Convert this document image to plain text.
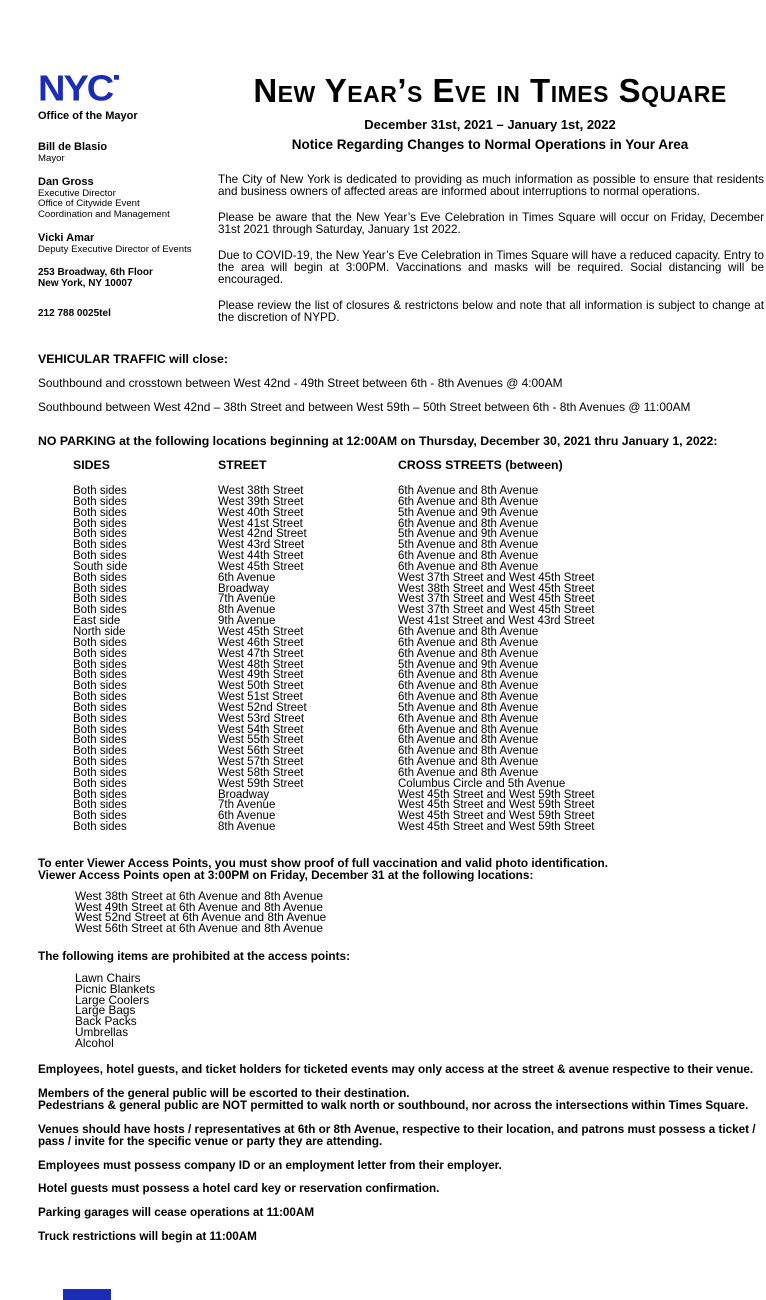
NYC
Office of the Mayor
Bill de Blasio
Mayor
Dan Gross
Executive Director
Office of Citywide Event
Coordination and Management
Vicki Amar
Deputy Executive Director of Events
253 Broadway, 6th Floor
New York, NY 10007
212 788 0025tel
New Year’s Eve in Times Square
December 31st, 2021 – January 1st, 2022
Notice Regarding Changes to Normal Operations in Your Area

The City of New York is dedicated to providing as much information as possible to ensure that residents and business owners of affected areas are informed about interruptions to normal operations.

Please be aware that the New Year’s Eve Celebration in Times Square will occur on Friday, December 31st 2021 through Saturday, January 1st 2022.

Due to COVID-19, the New Year’s Eve Celebration in Times Square will have a reduced capacity. Entry to the area will begin at 3:00PM. Vaccinations and masks will be required. Social distancing will be encouraged.

Please review the list of closures & restrictons below and note that all information is subject to change at the discretion of NYPD.

VEHICULAR TRAFFIC will close:
Southbound and crosstown between West 42nd - 49th Street between 6th - 8th Avenues @ 4:00AM
Southbound between West 42nd – 38th Street and between West 59th – 50th Street between 6th - 8th Avenues @ 11:00AM
NO PARKING at the following locations beginning at 12:00AM on Thursday, December 30, 2021 thru January 1, 2022:
SIDES	STREET	CROSS STREETS (between)
Both sides	West 38th Street	6th Avenue and 8th Avenue
Both sides	West 39th Street	6th Avenue and 8th Avenue
Both sides	West 40th Street	5th Avenue and 9th Avenue
Both sides	West 41st Street	6th Avenue and 8th Avenue
Both sides	West 42nd Street	5th Avenue and 9th Avenue
Both sides	West 43rd Street	5th Avenue and 8th Avenue
Both sides	West 44th Street	6th Avenue and 8th Avenue
South side	West 45th Street	6th Avenue and 8th Avenue
Both sides	6th Avenue	West 37th Street and West 45th Street
Both sides	Broadway	West 38th Street and West 45th Street
Both sides	7th Avenue	West 37th Street and West 45th Street
Both sides	8th Avenue	West 37th Street and West 45th Street
East side	9th Avenue	West 41st Street and West 43rd Street
North side	West 45th Street	6th Avenue and 8th Avenue
Both sides	West 46th Street	6th Avenue and 8th Avenue
Both sides	West 47th Street	6th Avenue and 8th Avenue
Both sides	West 48th Street	5th Avenue and 9th Avenue
Both sides	West 49th Street	6th Avenue and 8th Avenue
Both sides	West 50th Street	6th Avenue and 8th Avenue
Both sides	West 51st Street	6th Avenue and 8th Avenue
Both sides	West 52nd Street	5th Avenue and 8th Avenue
Both sides	West 53rd Street	6th Avenue and 8th Avenue
Both sides	West 54th Street	6th Avenue and 8th Avenue
Both sides	West 55th Street	6th Avenue and 8th Avenue
Both sides	West 56th Street	6th Avenue and 8th Avenue
Both sides	West 57th Street	6th Avenue and 8th Avenue
Both sides	West 58th Street	6th Avenue and 8th Avenue
Both sides	West 59th Street	Columbus Circle and 5th Avenue
Both sides	Broadway	West 45th Street and West 59th Street
Both sides	7th Avenue	West 45th Street and West 59th Street
Both sides	6th Avenue	West 45th Street and West 59th Street
Both sides	8th Avenue	West 45th Street and West 59th Street
To enter Viewer Access Points, you must show proof of full vaccination and valid photo identification.
Viewer Access Points open at 3:00PM on Friday, December 31 at the following locations:
West 38th Street at 6th Avenue and 8th Avenue
West 49th Street at 6th Avenue and 8th Avenue
West 52nd Street at 6th Avenue and 8th Avenue
West 56th Street at 6th Avenue and 8th Avenue
The following items are prohibited at the access points:
Lawn Chairs
Picnic Blankets
Large Coolers
Large Bags
Back Packs
Umbrellas
Alcohol
Employees, hotel guests, and ticket holders for ticketed events may only access at the street & avenue respective to their venue.
Members of the general public will be escorted to their destination.
Pedestrians & general public are NOT permitted to walk north or southbound, nor across the intersections within Times Square.
Venues should have hosts / representatives at 6th or 8th Avenue, respective to their location, and patrons must possess a ticket /
pass / invite for the specific venue or party they are attending.
Employees must possess company ID or an employment letter from their employer.
Hotel guests must possess a hotel card key or reservation confirmation.
Parking garages will cease operations at 11:00AM
Truck restrictions will begin at 11:00AM
